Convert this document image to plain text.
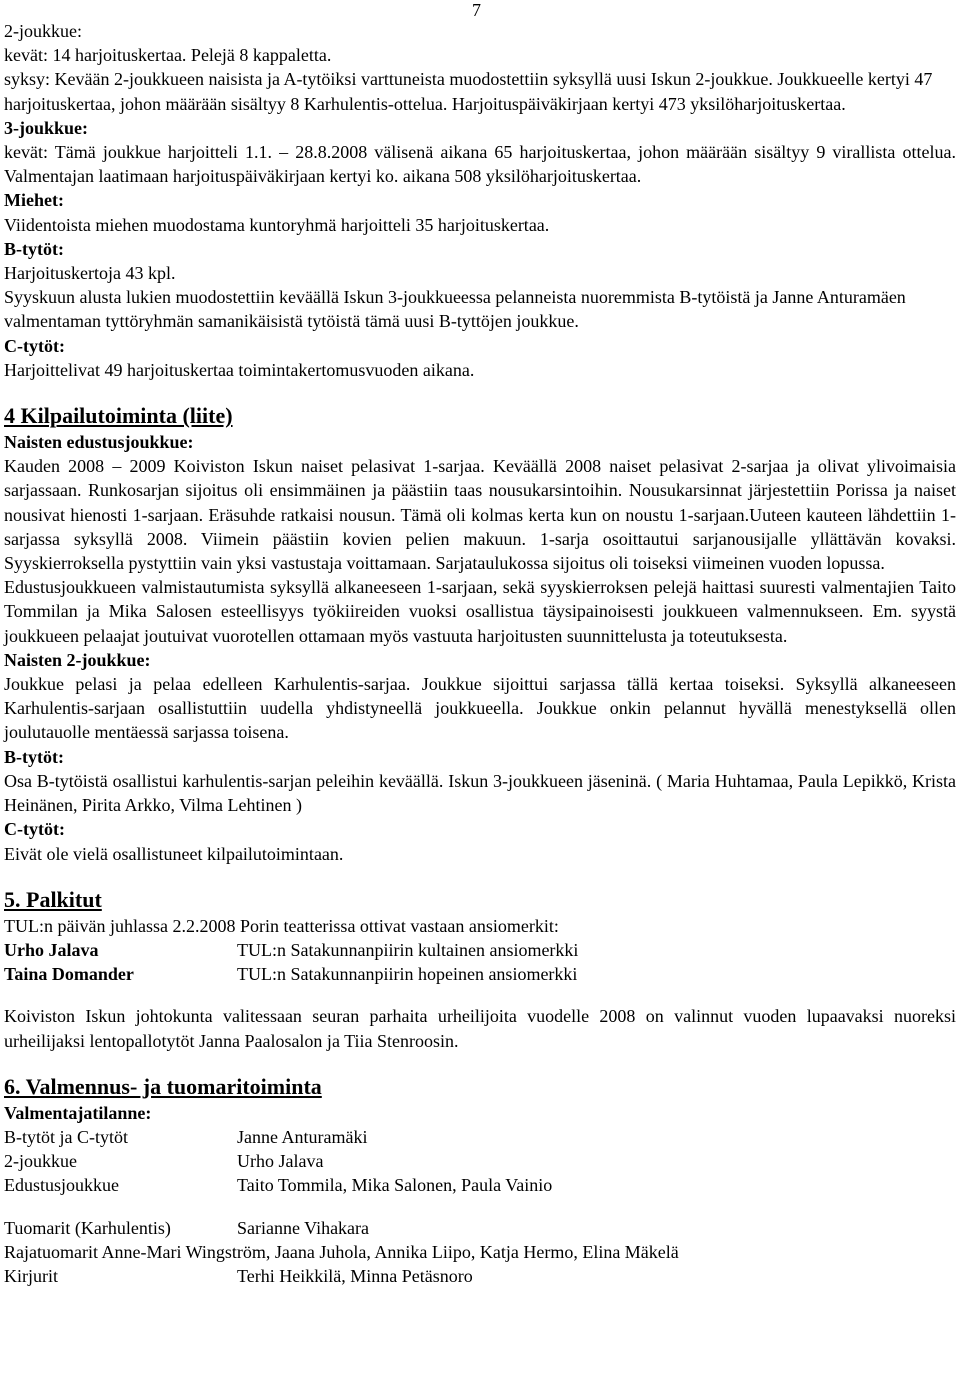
7

2-joukkue:

kevät: 14 harjoituskertaa. Pelejä 8 kappaletta.

syksy: Kevään 2-joukkueen naisista ja A-tytöiksi varttuneista muodostettiin syksyllä uusi Iskun 2-joukkue. Joukkueelle kertyi 47 harjoituskertaa, johon määrään sisältyy 8 Karhulentis-ottelua. Harjoituspäiväkirjaan kertyi 473 yksilöharjoituskertaa.

3-joukkue:

kevät: Tämä joukkue harjoitteli 1.1. – 28.8.2008 välisenä aikana 65 harjoituskertaa, johon määrään sisältyy 9 virallista ottelua. Valmentajan laatimaan harjoituspäiväkirjaan kertyi ko. aikana 508 yksilöharjoituskertaa.

Miehet:

Viidentoista miehen muodostama kuntoryhmä harjoitteli 35 harjoituskertaa.

B-tytöt:

Harjoituskertoja 43 kpl.

Syyskuun alusta lukien muodostettiin keväällä Iskun 3-joukkueessa pelanneista nuoremmista B-tytöistä ja Janne Anturamäen valmentaman tyttöryhmän samanikäisistä tytöistä tämä uusi B-tyttöjen joukkue.

C-tytöt:

Harjoittelivat 49 harjoituskertaa toimintakertomusvuoden aikana.

4 Kilpailutoiminta (liite)

Naisten edustusjoukkue:

Kauden 2008 – 2009 Koiviston Iskun naiset pelasivat 1-sarjaa. Keväällä 2008 naiset pelasivat 2-sarjaa ja olivat ylivoimaisia sarjassaan. Runkosarjan sijoitus oli ensimmäinen ja päästiin taas nousukarsintoihin. Nousukarsinnat järjestettiin Porissa ja naiset nousivat hienosti 1-sarjaan. Eräsuhde ratkaisi nousun. Tämä oli kolmas kerta kun on noustu 1-sarjaan.Uuteen kauteen lähdettiin 1-sarjassa syksyllä 2008. Viimein päästiin kovien pelien makuun. 1-sarja osoittautui sarjanousijalle yllättävän kovaksi. Syyskierroksella pystyttiin vain yksi vastustaja voittamaan. Sarjataulukossa sijoitus oli toiseksi viimeinen vuoden lopussa.

Edustusjoukkueen valmistautumista syksyllä alkaneeseen 1-sarjaan, sekä syyskierroksen pelejä haittasi suuresti valmentajien Taito Tommilan ja Mika Salosen esteellisyys työkiireiden vuoksi osallistua täysipainoisesti joukkueen valmennukseen. Em. syystä joukkueen pelaajat joutuivat vuorotellen ottamaan myös vastuuta harjoitusten suunnittelusta ja toteutuksesta.

Naisten 2-joukkue:

Joukkue pelasi ja pelaa edelleen Karhulentis-sarjaa. Joukkue sijoittui sarjassa tällä kertaa toiseksi. Syksyllä alkaneeseen Karhulentis-sarjaan osallistuttiin uudella yhdistyneellä joukkueella. Joukkue onkin pelannut hyvällä menestyksellä ollen joulutauolle mentäessä sarjassa toisena.

B-tytöt:

Osa B-tytöistä osallistui karhulentis-sarjan peleihin keväällä. Iskun 3-joukkueen jäseninä. ( Maria Huhtamaa, Paula Lepikkö, Krista Heinänen, Pirita Arkko, Vilma Lehtinen )

C-tytöt:

Eivät ole vielä osallistuneet kilpailutoimintaan.

5. Palkitut

TUL:n päivän juhlassa 2.2.2008 Porin teatterissa ottivat vastaan ansiomerkit:

Urho Jalava	TUL:n Satakunnanpiirin kultainen ansiomerkki
Taina Domander	TUL:n Satakunnanpiirin hopeinen ansiomerkki

Koiviston Iskun johtokunta valitessaan seuran parhaita urheilijoita vuodelle 2008 on valinnut vuoden lupaavaksi nuoreksi urheilijaksi lentopallotytöt Janna Paalosalon ja Tiia Stenroosin.

6. Valmennus- ja tuomaritoiminta

Valmentajatilanne:

B-tytöt ja C-tytöt	Janne Anturamäki
2-joukkue	Urho Jalava
Edustusjoukkue	Taito Tommila, Mika Salonen, Paula Vainio
Tuomarit (Karhulentis)	Sarianne Vihakara

Rajatuomarit Anne-Mari Wingström, Jaana Juhola, Annika Liipo, Katja Hermo, Elina Mäkelä

Kirjurit	Terhi Heikkilä, Minna Petäsnoro
